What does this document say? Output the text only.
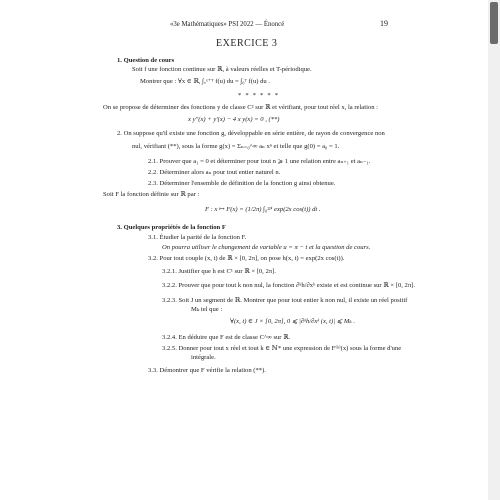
«3e Mathématiques» PSI 2022 — Énoncé	19
EXERCICE 3
1. Question de cours
Soit f une fonction continue sur ℝ, à valeurs réelles et T-périodique.
Montrer que : ∀x ∈ ℝ, ∫ₓˣ⁺ᵀ f(u) du = ∫₀ᵀ f(u) du .
* * * * * *
On se propose de déterminer des fonctions y de classe C² sur ℝ et vérifiant, pour tout réel x, la relation :
x y″(x) + y′(x) − 4 x y(x) = 0 , (**)
2. On suppose qu'il existe une fonction g, développable en série entière, de rayon de convergence non
nul, vérifiant (**), sous la forme g(x) = Σₙ₌₀^∞ aₙ xⁿ et telle que g(0) = a₀ = 1.
2.1. Prouver que a₁ = 0 et déterminer pour tout n ⩾ 1 une relation entre aₙ₊₁ et aₙ₋₁.
2.2. Déterminer alors aₙ pour tout entier naturel n.
2.3. Déterminer l'ensemble de définition de la fonction g ainsi obtenue.
Soit F la fonction définie sur ℝ par :
F : x ↦ F(x) = (1/2π) ∫₀²ᵖⁱ exp(2x cos(t)) dt .
3. Quelques propriétés de la fonction F
3.1. Étudier la parité de la fonction F.
On pourra utiliser le changement de variable u = π − t et la question de cours.
3.2. Pour tout couple (x, t) de ℝ × [0, 2π], on pose h(x, t) = exp(2x cos(t)).
3.2.1. Justifier que h est C¹ sur ℝ × [0, 2π].
3.2.2. Prouver que pour tout k non nul, la fonction ∂ᵏh/∂xᵏ existe et est continue sur ℝ × [0, 2π].
3.2.3. Soit J un segment de ℝ. Montrer que pour tout entier k non nul, il existe un réel positif
Mₖ tel que :
∀(x, t) ∈ J × [0, 2π], 0 ⩽ |∂ᵏh/∂xᵏ (x, t)| ⩽ Mₖ .
3.2.4. En déduire que F est de classe C^∞ sur ℝ.
3.2.5. Donner pour tout x réel et tout k ∈ ℕ* une expression de F⁽ᵏ⁾(x) sous la forme d'une
intégrale.
3.3. Démontrer que F vérifie la relation (**).
